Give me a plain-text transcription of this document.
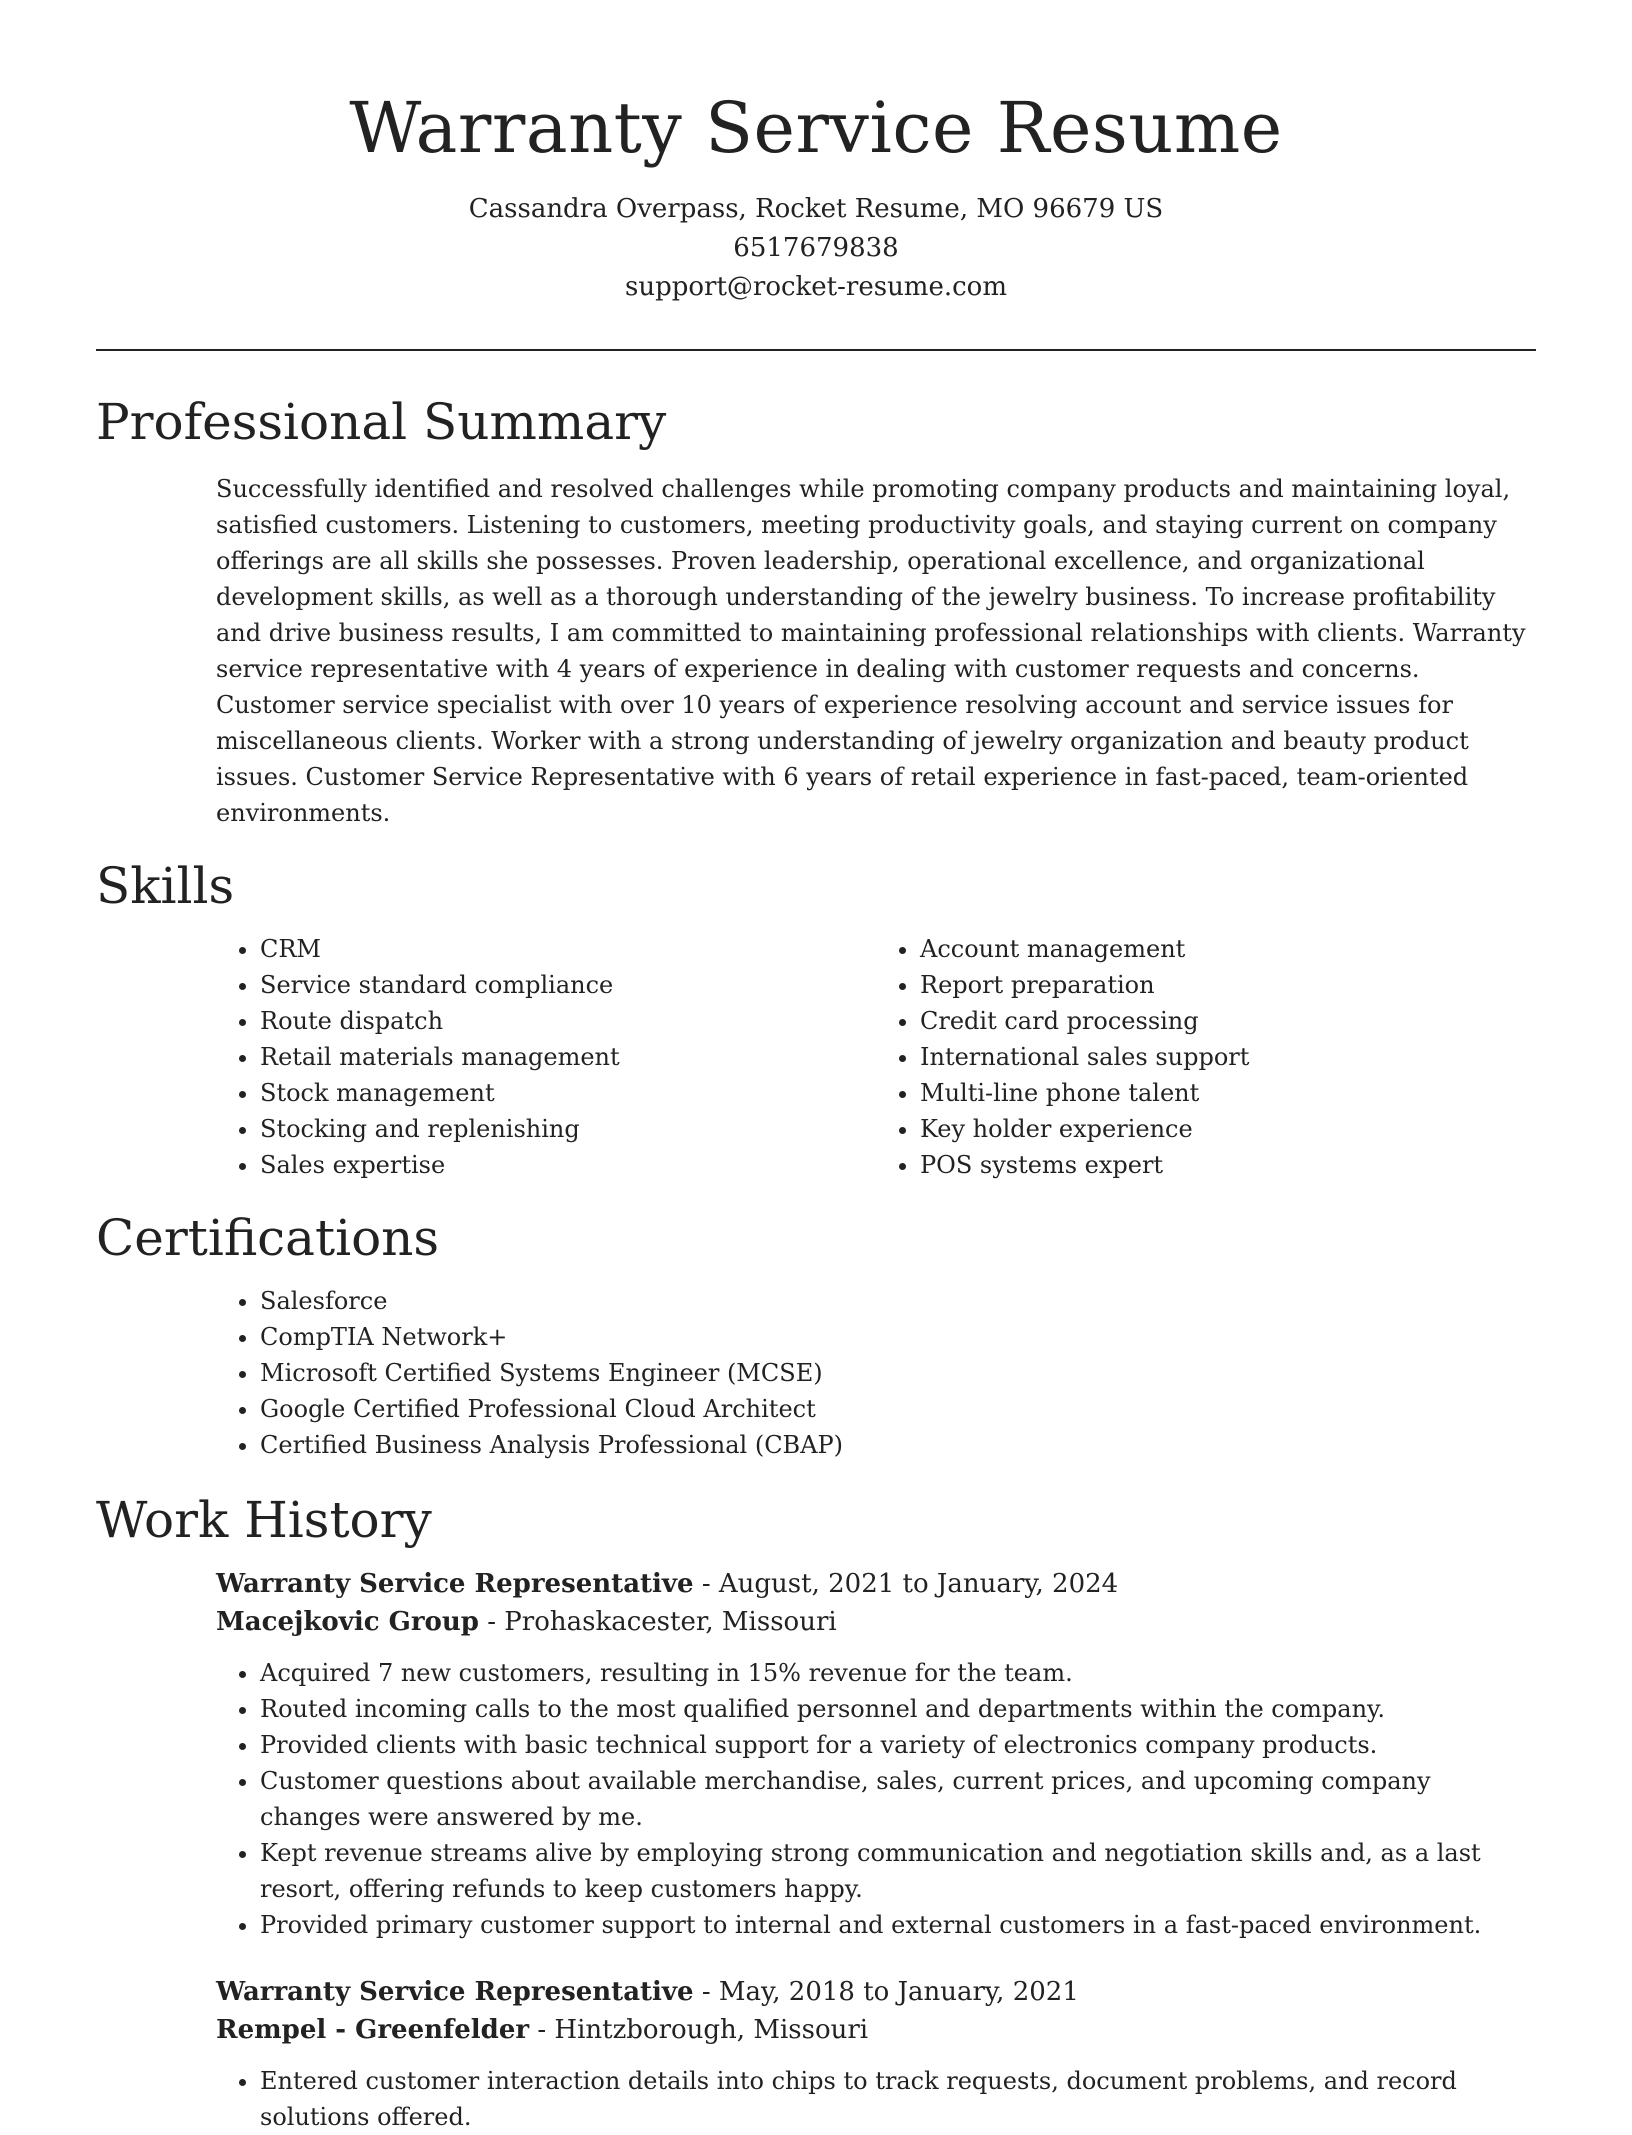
Warranty Service Resume
Cassandra Overpass, Rocket Resume, MO 96679 US
6517679838
support@rocket-resume.com
Professional Summary

Successfully identified and resolved challenges while promoting company products and maintaining loyal, satisfied customers. Listening to customers, meeting productivity goals, and staying current on company offerings are all skills she possesses. Proven leadership, operational excellence, and organizational development skills, as well as a thorough understanding of the jewelry business. To increase profitability and drive business results, I am committed to maintaining professional relationships with clients. Warranty service representative with 4 years of experience in dealing with customer requests and concerns. Customer service specialist with over 10 years of experience resolving account and service issues for miscellaneous clients. Worker with a strong understanding of jewelry organization and beauty product issues. Customer Service Representative with 6 years of retail experience in fast-paced, team-oriented environments.

Skills
• CRM
• Service standard compliance
• Route dispatch
• Retail materials management
• Stock management
• Stocking and replenishing
• Sales expertise
• Account management
• Report preparation
• Credit card processing
• International sales support
• Multi-line phone talent
• Key holder experience
• POS systems expert
Certifications
• Salesforce
• CompTIA Network+
• Microsoft Certified Systems Engineer (MCSE)
• Google Certified Professional Cloud Architect
• Certified Business Analysis Professional (CBAP)
Work History
Warranty Service Representative - August, 2021 to January, 2024
Macejkovic Group - Prohaskacester, Missouri
• Acquired 7 new customers, resulting in 15% revenue for the team.
• Routed incoming calls to the most qualified personnel and departments within the company.
• Provided clients with basic technical support for a variety of electronics company products.
• Customer questions about available merchandise, sales, current prices, and upcoming company changes were answered by me.
• Kept revenue streams alive by employing strong communication and negotiation skills and, as a last resort, offering refunds to keep customers happy.
• Provided primary customer support to internal and external customers in a fast-paced environment.
Warranty Service Representative - May, 2018 to January, 2021
Rempel - Greenfelder - Hintzborough, Missouri
• Entered customer interaction details into chips to track requests, document problems, and record solutions offered.
